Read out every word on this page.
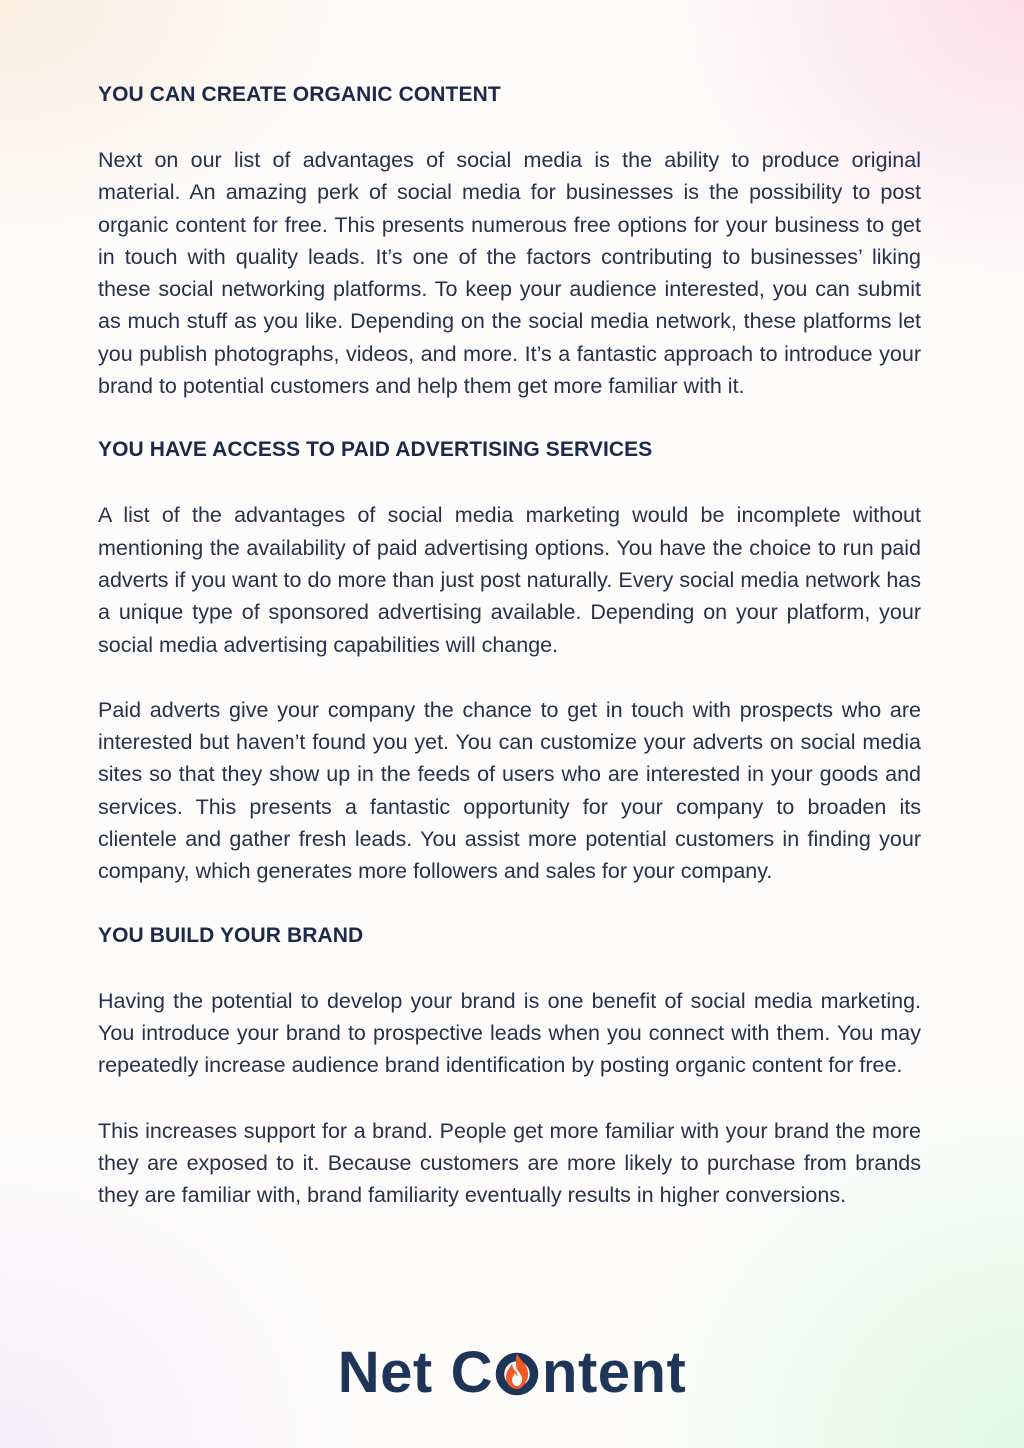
YOU CAN CREATE ORGANIC CONTENT

Next on our list of advantages of social media is the ability to produce original material. An amazing perk of social media for businesses is the possibility to post organic content for free. This presents numerous free options for your business to get in touch with quality leads. It’s one of the factors contributing to businesses’ liking these social networking platforms. To keep your audience interested, you can submit as much stuff as you like. Depending on the social media network, these platforms let you publish photographs, videos, and more. It’s a fantastic approach to introduce your brand to potential customers and help them get more familiar with it.

YOU HAVE ACCESS TO PAID ADVERTISING SERVICES

A list of the advantages of social media marketing would be incomplete without mentioning the availability of paid advertising options. You have the choice to run paid adverts if you want to do more than just post naturally. Every social media network has a unique type of sponsored advertising available. Depending on your platform, your social media advertising capabilities will change.

Paid adverts give your company the chance to get in touch with prospects who are interested but haven’t found you yet. You can customize your adverts on social media sites so that they show up in the feeds of users who are interested in your goods and services. This presents a fantastic opportunity for your company to broaden its clientele and gather fresh leads. You assist more potential customers in finding your company, which generates more followers and sales for your company.

YOU BUILD YOUR BRAND

Having the potential to develop your brand is one benefit of social media marketing. You introduce your brand to prospective leads when you connect with them. You may repeatedly increase audience brand identification by posting organic content for free.

This increases support for a brand. People get more familiar with your brand the more they are exposed to it. Because customers are more likely to purchase from brands they are familiar with, brand familiarity eventually results in higher conversions.

Net C ntent
